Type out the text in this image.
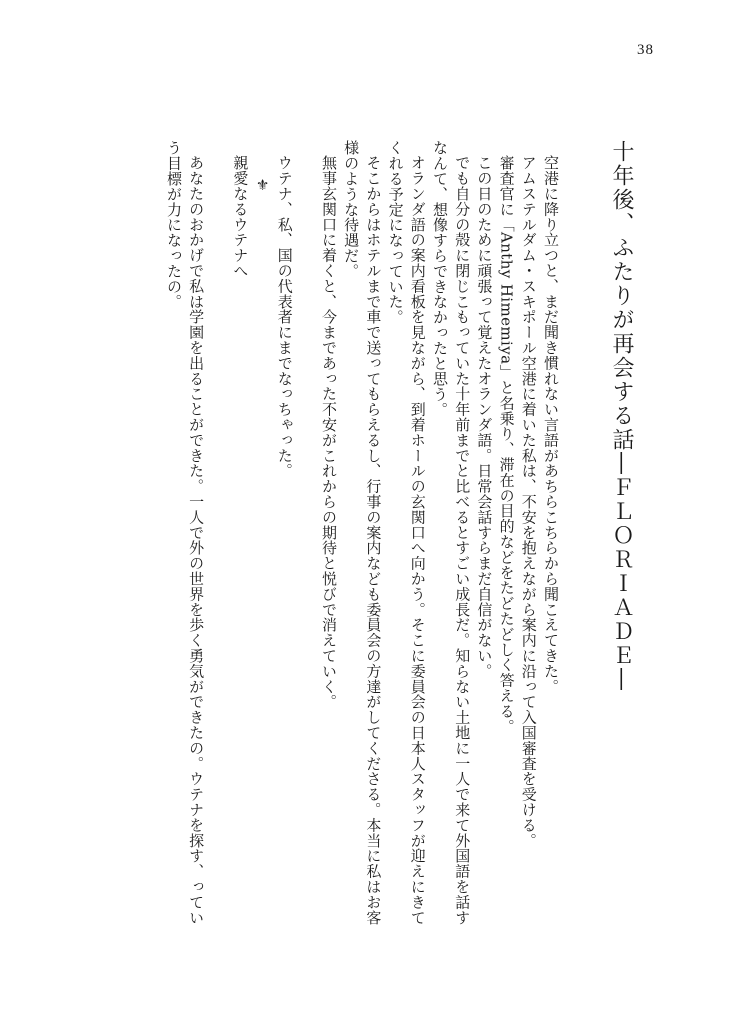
38
十年後、ふたりが再会する話―ＦＬＯＲＩＡＤＥ―

空港に降り立つと、まだ聞き慣れない言語があちらこちらから聞こえてきた。

アムステルダム・スキポール空港に着いた私は、不安を抱えながら案内に沿って入国審査を受ける。

審査官に「Anthy Himemiya」と名乗り、滞在の目的などをたどたどしく答える。

この日のために頑張って覚えたオランダ語。日常会話すらまだ自信がない。

でも自分の殻に閉じこもっていた十年前までと比べるとすごい成長だ。知らない土地に一人で来て外国語を話すなんて、想像すらできなかったと思う。

オランダ語の案内看板を見ながら、到着ホールの玄関口へ向かう。そこに委員会の日本人スタッフが迎えにきてくれる予定になっていた。

そこからはホテルまで車で送ってもらえるし、行事の案内なども委員会の方達がしてくださる。本当に私はお客様のような待遇だ。

無事玄関口に着くと、今まであった不安がこれからの期待と悦びで消えていく。

ウテナ、私、国の代表者にまでなっちゃった。

⚜

親愛なるウテナへ

あなたのおかげで私は学園を出ることができた。一人で外の世界を歩く勇気ができたの。ウテナを探す、っていう目標が力になったの。
